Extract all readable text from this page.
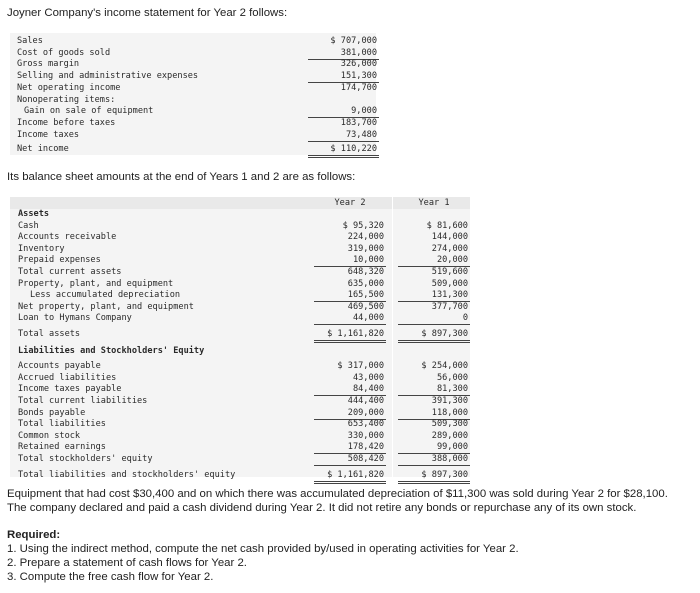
Joyner Company's income statement for Year 2 follows:
Sales	$ 707,000
Cost of goods sold	381,000
Gross margin	326,000
Selling and administrative expenses	151,300
Net operating income	174,700
Nonoperating items:
Gain on sale of equipment	9,000
Income before taxes	183,700
Income taxes	73,480
Net income	$ 110,220
Its balance sheet amounts at the end of Years 1 and 2 are as follows:
Year 2	Year 1
Assets
Cash	$ 95,320	$ 81,600
Accounts receivable	224,000	144,000
Inventory	319,000	274,000
Prepaid expenses	10,000	20,000
Total current assets	648,320	519,600
Property, plant, and equipment	635,000	509,000
Less accumulated depreciation	165,500	131,300
Net property, plant, and equipment	469,500	377,700
Loan to Hymans Company	44,000	0
Total assets	$ 1,161,820	$ 897,300
Liabilities and Stockholders' Equity
Accounts payable	$ 317,000	$ 254,000
Accrued liabilities	43,000	56,000
Income taxes payable	84,400	81,300
Total current liabilities	444,400	391,300
Bonds payable	209,000	118,000
Total liabilities	653,400	509,300
Common stock	330,000	289,000
Retained earnings	178,420	99,000
Total stockholders' equity	508,420	388,000
Total liabilities and stockholders' equity	$ 1,161,820	$ 897,300
Equipment that had cost $30,400 and on which there was accumulated depreciation of $11,300 was sold during Year 2 for $28,100.
The company declared and paid a cash dividend during Year 2. It did not retire any bonds or repurchase any of its own stock.
Required:
1. Using the indirect method, compute the net cash provided by/used in operating activities for Year 2.
2. Prepare a statement of cash flows for Year 2.
3. Compute the free cash flow for Year 2.
